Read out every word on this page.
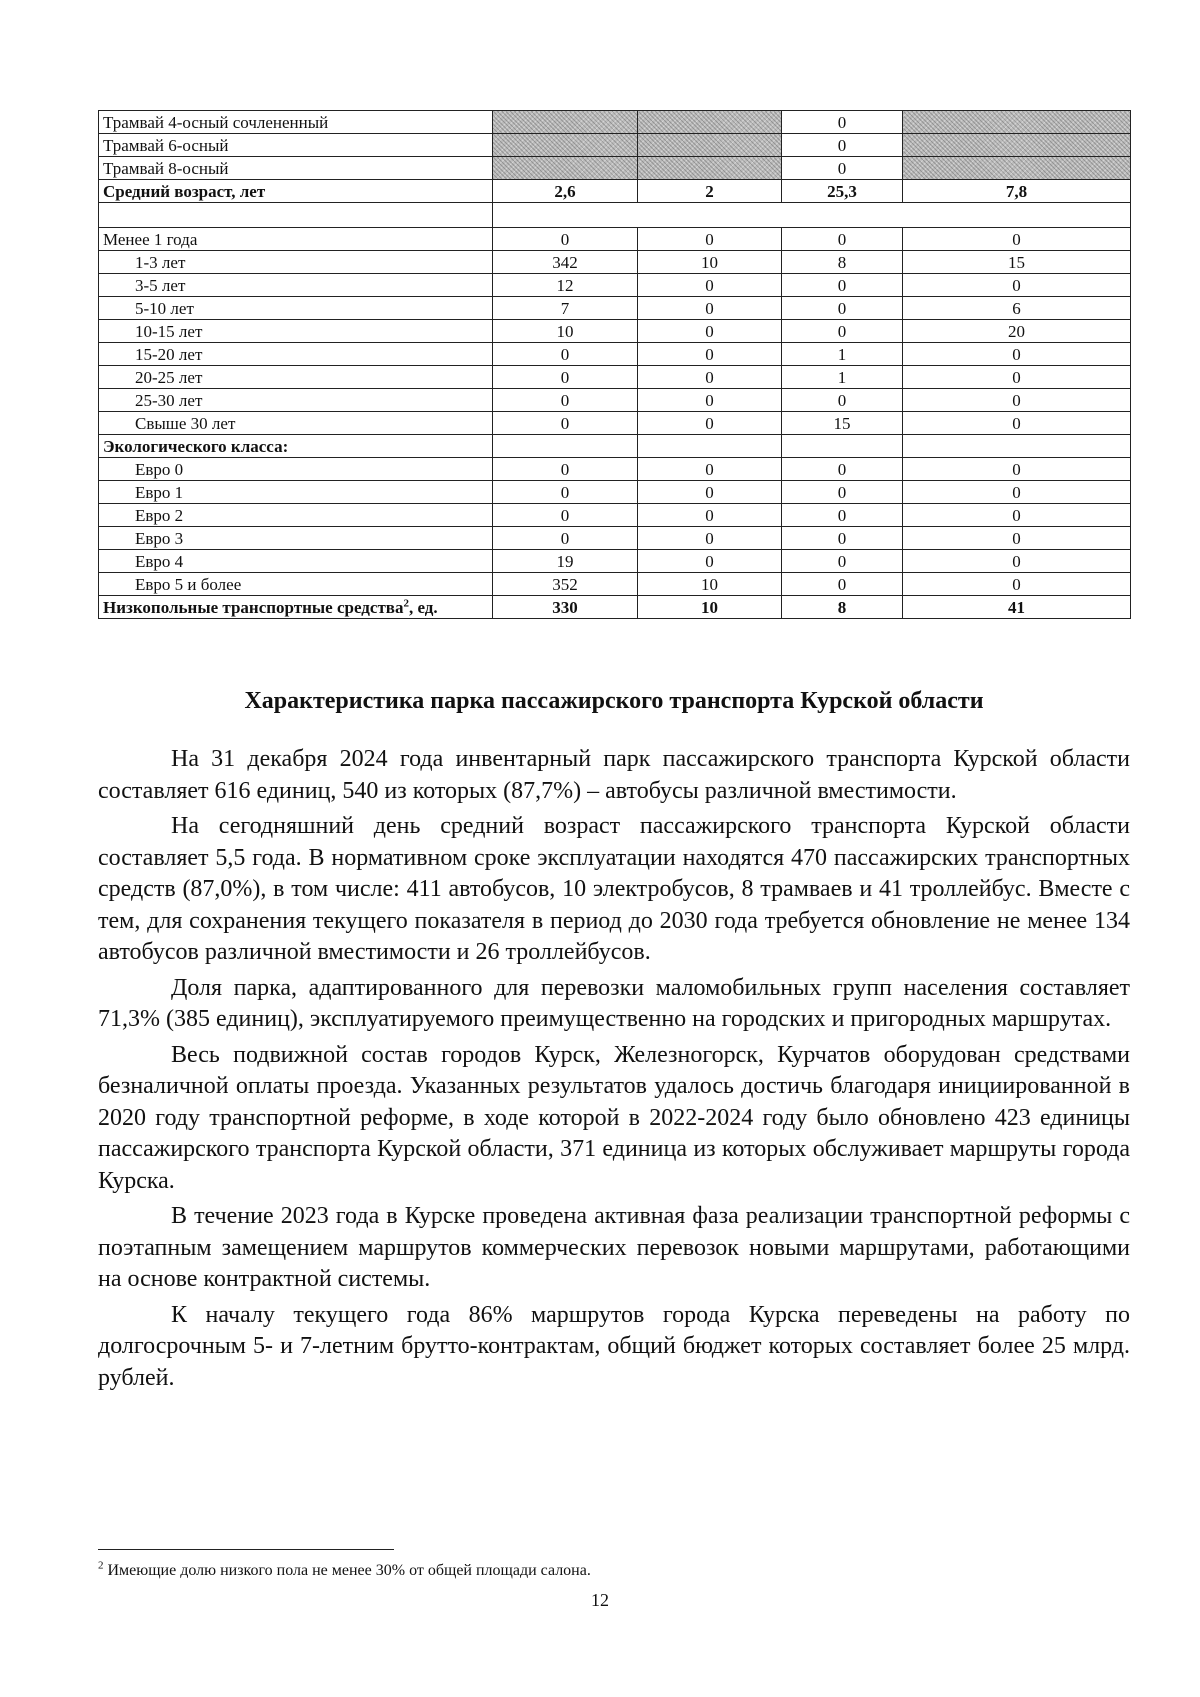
Трамвай 4-осный сочлененный			0	
Трамвай 6-осный			0	
Трамвай 8-осный			0	
Средний возраст, лет	2,6	2	25,3	7,8

Менее 1 года	0	0	0	0
1-3 лет	342	10	8	15
3-5 лет	12	0	0	0
5-10 лет	7	0	0	6
10-15 лет	10	0	0	20
15-20 лет	0	0	1	0
20-25 лет	0	0	1	0
25-30 лет	0	0	0	0
Свыше 30 лет	0	0	15	0
Экологического класса:				
Евро 0	0	0	0	0
Евро 1	0	0	0	0
Евро 2	0	0	0	0
Евро 3	0	0	0	0
Евро 4	19	0	0	0
Евро 5 и более	352	10	0	0
Низкопольные транспортные средства$^2$, ед.	330	10	8	41
Характеристика парка пассажирского транспорта Курской области

На 31 декабря 2024 года инвентарный парк пассажирского транспорта Курской области составляет 616 единиц, 540 из которых (87,7%) – автобусы различной вместимости.

На сегодняшний день средний возраст пассажирского транспорта Курской области составляет 5,5 года. В нормативном сроке эксплуатации находятся 470 пассажирских транспортных средств (87,0%), в том числе: 411 автобусов, 10 электробусов, 8 трамваев и 41 троллейбус. Вместе с тем, для сохранения текущего показателя в период до 2030 года требуется обновление не менее 134 автобусов различной вместимости и 26 троллейбусов.

Доля парка, адаптированного для перевозки маломобильных групп населения составляет 71,3% (385 единиц), эксплуатируемого преимущественно на городских и пригородных маршрутах.

Весь подвижной состав городов Курск, Железногорск, Курчатов оборудован средствами безналичной оплаты проезда. Указанных результатов удалось достичь благодаря инициированной в 2020 году транспортной реформе, в ходе которой в 2022-2024 году было обновлено 423 единицы пассажирского транспорта Курской области, 371 единица из которых обслуживает маршруты города Курска.

В течение 2023 года в Курске проведена активная фаза реализации транспортной реформы с поэтапным замещением маршрутов коммерческих перевозок новыми маршрутами, работающими на основе контрактной системы.

К началу текущего года 86% маршрутов города Курска переведены на работу по долгосрочным 5- и 7-летним брутто-контрактам, общий бюджет которых составляет более 25 млрд. рублей.

$^2$ Имеющие долю низкого пола не менее 30% от общей площади салона.
12
